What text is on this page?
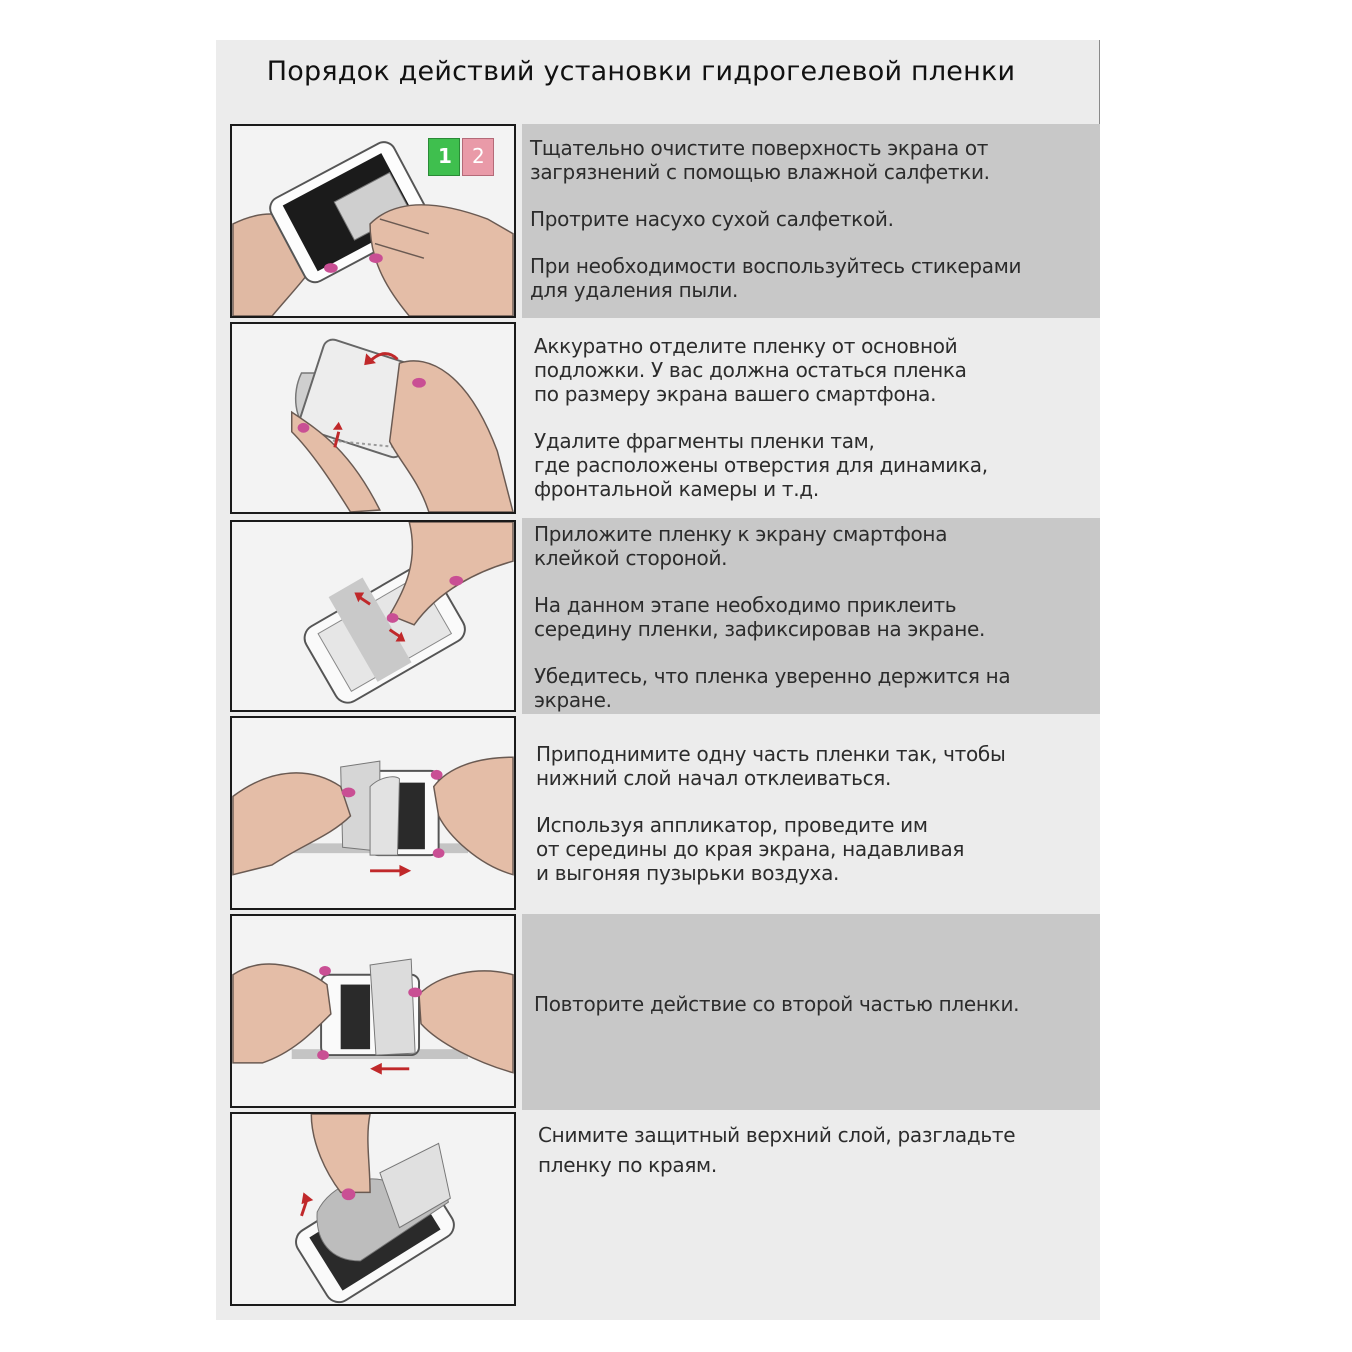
Порядок действий установки гидрогелевой пленки
1 2 Тщательно очистите поверхность экрана от
загрязнений с помощью влажной салфетки.

Протрите насухо сухой салфеткой.

При необходимости воспользуйтесь стикерами
для удаления пыли.

Аккуратно отделите пленку от основной
подложки. У вас должна остаться пленка
по размеру экрана вашего смартфона.

Удалите фрагменты пленки там,
где расположены отверстия для динамика,
фронтальной камеры и т.д.

Приложите пленку к экрану смартфона
клейкой стороной.

На данном этапе необходимо приклеить
середину пленки, зафиксировав на экране.

Убедитесь, что пленка уверенно держится на
экране.

Приподнимите одну часть пленки так, чтобы
нижний слой начал отклеиваться.

Используя аппликатор, проведите им
от середины до края экрана, надавливая
и выгоняя пузырьки воздуха.

Повторите действие со второй частью пленки.

Снимите защитный верхний слой, разгладьте
пленку по краям.
